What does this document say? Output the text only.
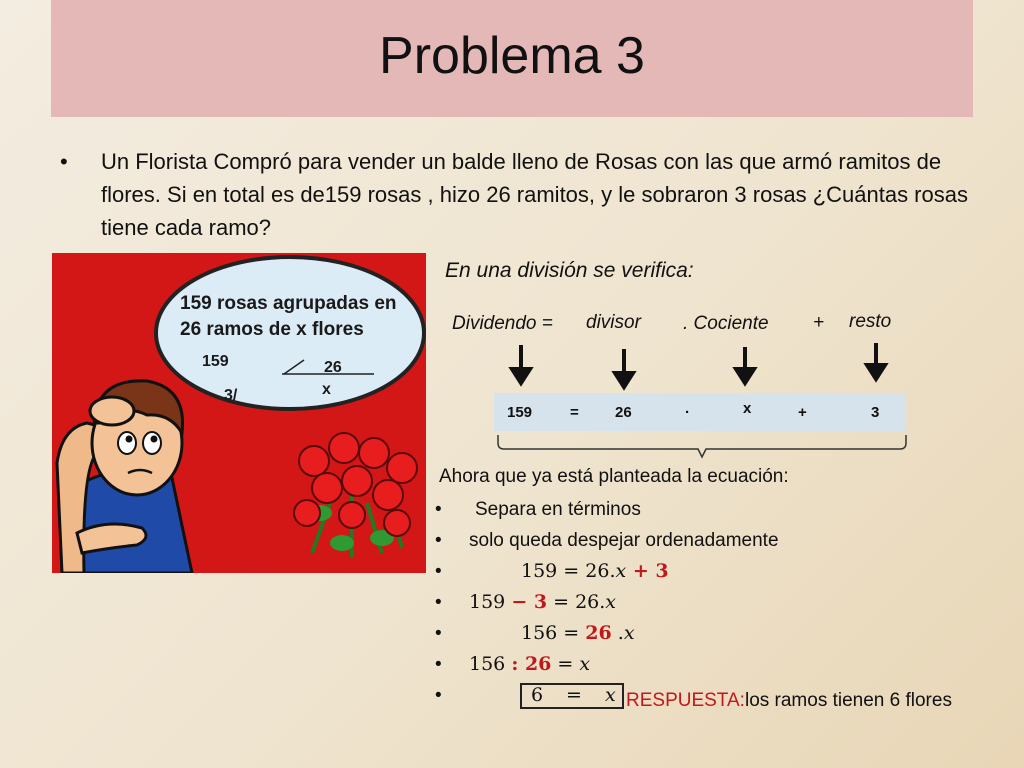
Problema 3
• Un Florista Compró para vender un balde lleno de Rosas con las que armó ramitos de flores. Si en total es de159 rosas , hizo 26 ramitos, y le sobraron 3 rosas ¿Cuántas rosas tiene cada ramo?
159 rosas agrupadas en 26 ramos de x flores
159	26
x
3/
En una división se verifica:
Dividendo = divisor . Cociente + resto
159	= 26	·	x	+	3
Ahora que ya está planteada la ecuación:
• Separa en términos
• solo queda despejar ordenadamente
•	159 = 26.x + 3
• 159 − 3 = 26.x
•	156 = 26 .x
• 156 : 26 = x
•	6 = x RESPUESTA:los ramos tienen 6 flores
